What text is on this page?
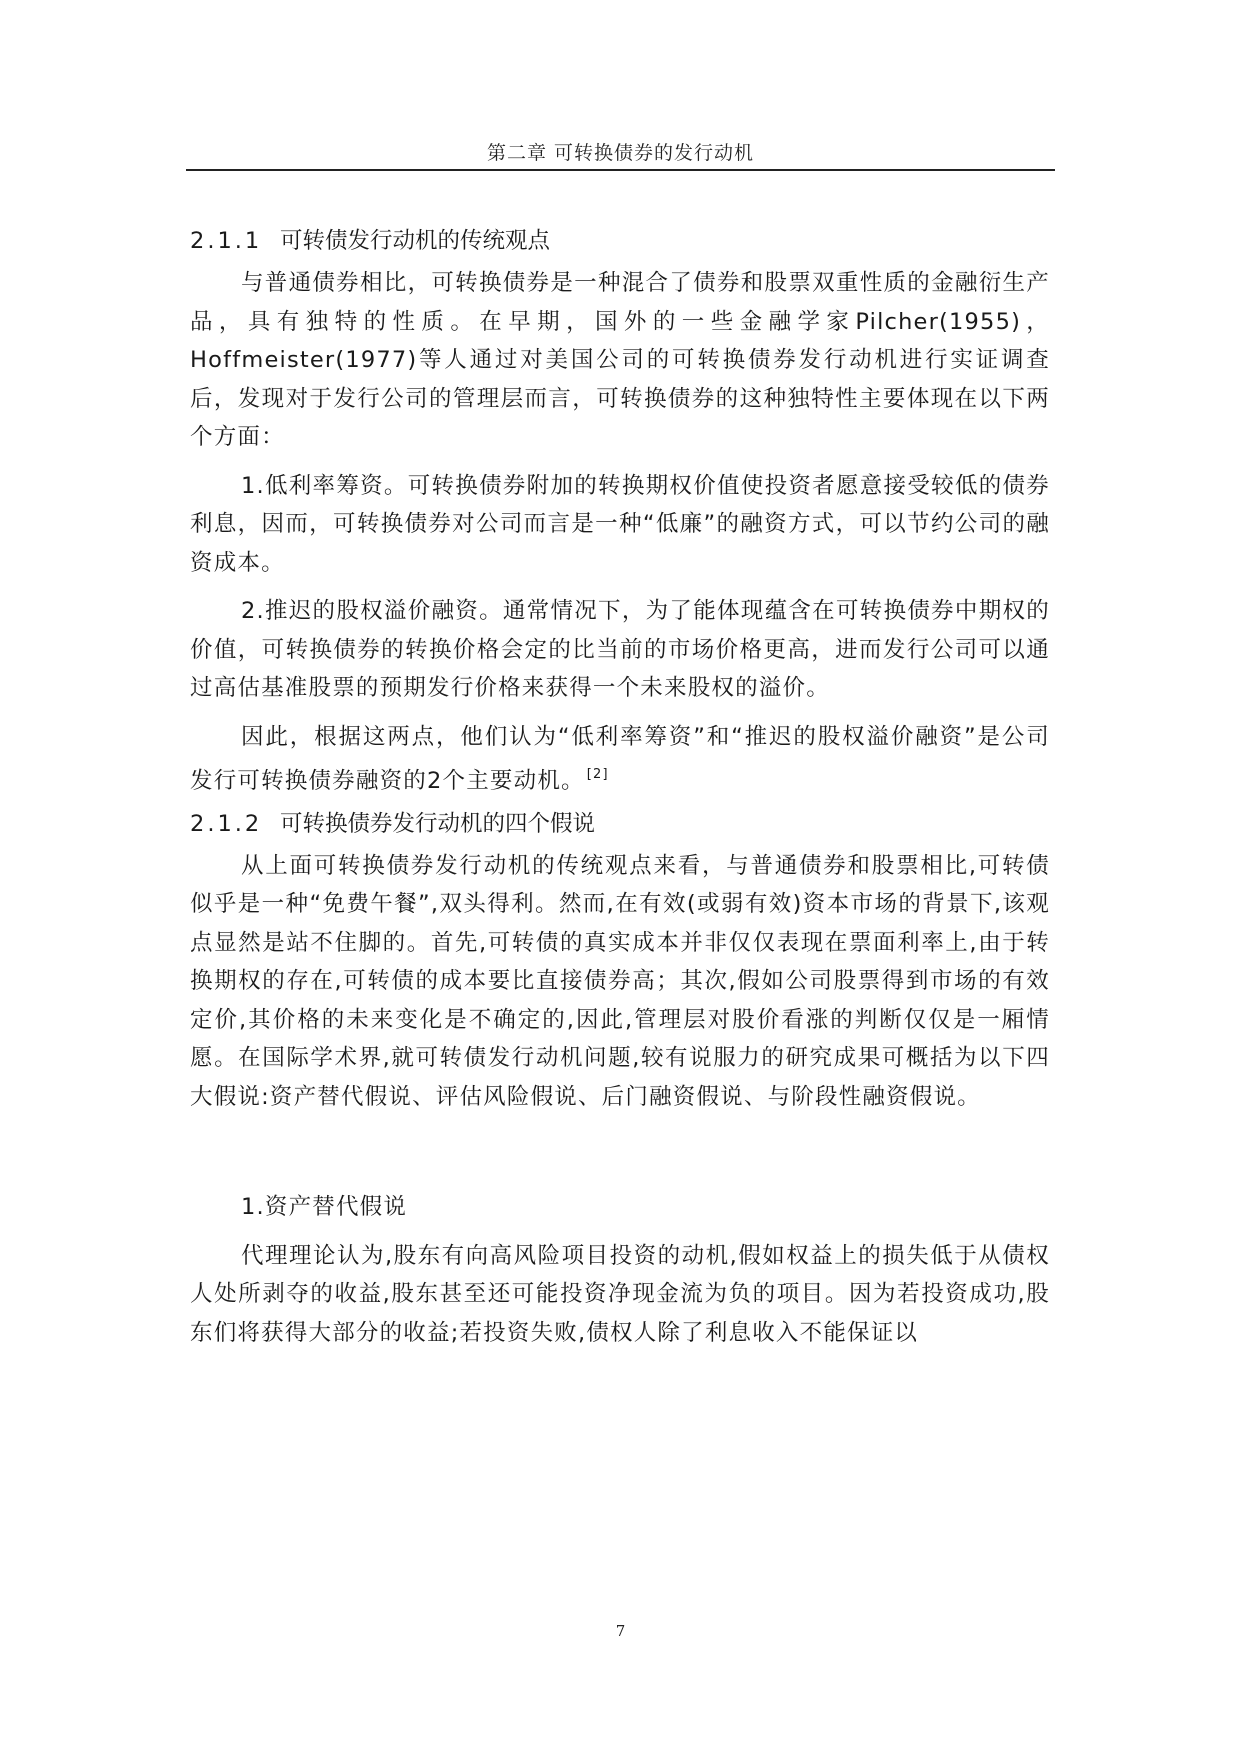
第二章 可转换债券的发行动机
2.1.1 可转债发行动机的传统观点

与普通债券相比，可转换债券是一种混合了债券和股票双重性质的金融衍生产品，具有独特的性质。在早期，国外的一些金融学家Pilcher(1955)，Hoffmeister(1977)等人通过对美国公司的可转换债券发行动机进行实证调查后，发现对于发行公司的管理层而言，可转换债券的这种独特性主要体现在以下两个方面：

1.低利率筹资。可转换债券附加的转换期权价值使投资者愿意接受较低的债券利息，因而，可转换债券对公司而言是一种“低廉”的融资方式，可以节约公司的融资成本。

2.推迟的股权溢价融资。通常情况下，为了能体现蕴含在可转换债券中期权的价值，可转换债券的转换价格会定的比当前的市场价格更高，进而发行公司可以通过高估基准股票的预期发行价格来获得一个未来股权的溢价。

因此，根据这两点，他们认为“低利率筹资”和“推迟的股权溢价融资”是公司发行可转换债券融资的2个主要动机。 [2]

2.1.2 可转换债券发行动机的四个假说

从上面可转换债券发行动机的传统观点来看，与普通债券和股票相比,可转债似乎是一种“免费午餐”,双头得利。然而,在有效(或弱有效)资本市场的背景下,该观点显然是站不住脚的。首先,可转债的真实成本并非仅仅表现在票面利率上,由于转换期权的存在,可转债的成本要比直接债券高；其次,假如公司股票得到市场的有效定价,其价格的未来变化是不确定的,因此,管理层对股价看涨的判断仅仅是一厢情愿。在国际学术界,就可转债发行动机问题,较有说服力的研究成果可概括为以下四大假说:资产替代假说、评估风险假说、后门融资假说、与阶段性融资假说。

1.资产替代假说

代理理论认为,股东有向高风险项目投资的动机,假如权益上的损失低于从债权人处所剥夺的收益,股东甚至还可能投资净现金流为负的项目。因为若投资成功,股东们将获得大部分的收益;若投资失败,债权人除了利息收入不能保证以

7
